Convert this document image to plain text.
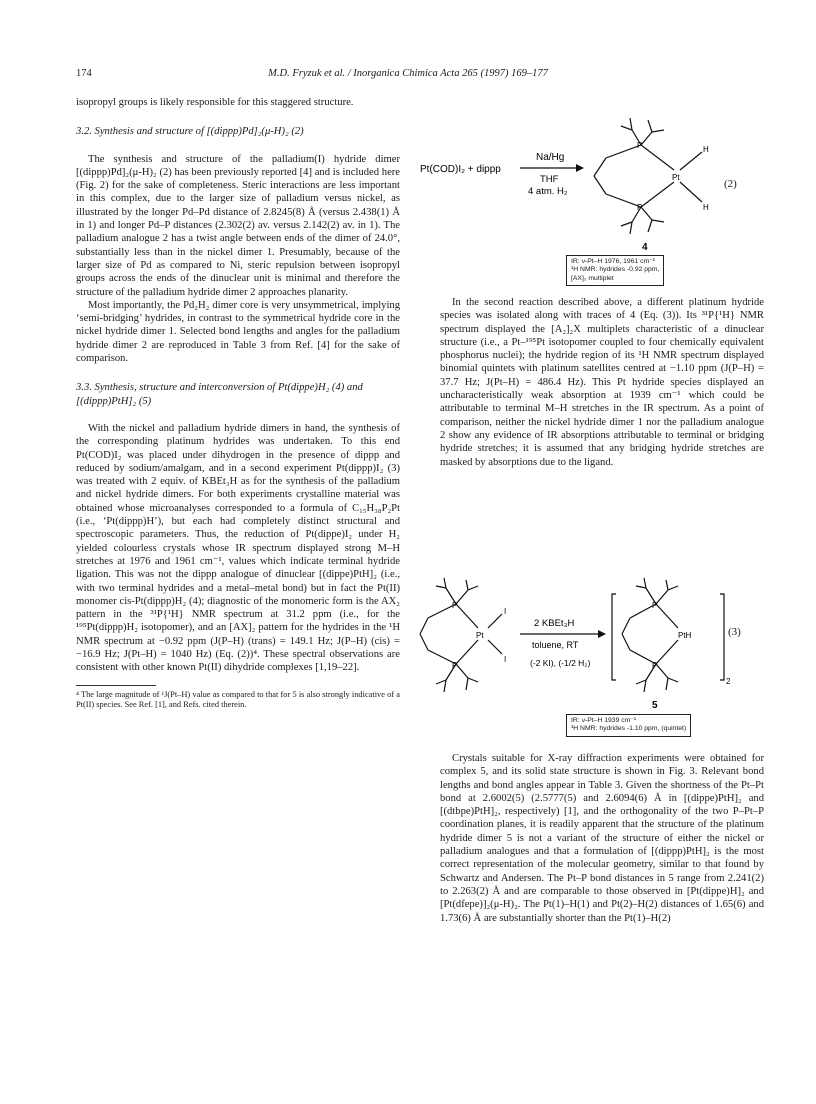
174	M.D. Fryzuk et al. / Inorganica Chimica Acta 265 (1997) 169–177

isopropyl groups is likely responsible for this staggered structure.

3.2. Synthesis and structure of [(dippp)Pd]₂(μ-H)₂ (2)

The synthesis and structure of the palladium(I) hydride dimer [(dippp)Pd]₂(μ-H)₂ (2) has been previously reported [4] and is included here (Fig. 2) for the sake of completeness. Steric interactions are less important in this complex, due to the larger size of palladium versus nickel, as illustrated by the longer Pd–Pd distance of 2.8245(8) Å (versus 2.438(1) Å in 1) and longer Pd–P distances (2.302(2) av. versus 2.142(2) av. in 1). The palladium analogue 2 has a twist angle between ends of the dimer of 24.0°, substantially less than in the nickel dimer 1. Presumably, because of the larger size of Pd as compared to Ni, steric repulsion between isopropyl groups across the ends of the dinuclear unit is minimal and therefore the structure of the palladium hydride dimer 2 approaches planarity.

Most importantly, the Pd₂H₂ dimer core is very unsymmetrical, implying ‘semi-bridging’ hydrides, in contrast to the symmetrical hydride core in the nickel hydride dimer 1. Selected bond lengths and angles for the palladium hydride dimer 2 are reproduced in Table 3 from Ref. [4] for the sake of comparison.

3.3. Synthesis, structure and interconversion of Pt(dippe)H₂ (4) and [(dippp)PtH]₂ (5)

With the nickel and palladium hydride dimers in hand, the synthesis of the corresponding platinum hydrides was undertaken. To this end Pt(COD)I₂ was placed under dihydrogen in the presence of dippp and reduced by sodium/amalgam, and in a second experiment Pt(dippp)I₂ (3) was treated with 2 equiv. of KBEt₃H as for the synthesis of the palladium and nickel hydride dimers. For both experiments crystalline material was obtained whose microanalyses corresponded to a formula of C₁₅H₃₈P₂Pt (i.e., ‘Pt(dippp)H’), but each had completely distinct structural and spectroscopic parameters. Thus, the reduction of Pt(dippe)I₂ under H₂ yielded colourless crystals whose IR spectrum displayed strong M–H stretches at 1976 and 1961 cm⁻¹, values which indicate terminal hydride ligation. This was not the dippp analogue of dinuclear [(dippe)PtH]₂ (i.e., with two terminal hydrides and a metal–metal bond) but in fact the Pt(II) monomer cis-Pt(dippp)H₂ (4); diagnostic of the monomeric form is the AX₂ pattern in the ³¹P{¹H} NMR spectrum at 31.2 ppm (i.e., for the ¹⁹⁵Pt(dippp)H₂ isotopomer), and an [AX]₂ pattern for the hydrides in the ¹H NMR spectrum at −0.92 ppm (J(P–H) (trans) = 149.1 Hz; J(P–H) (cis) = −16.9 Hz; J(Pt–H) = 1040 Hz) (Eq. (2))⁴. These spectral observations are consistent with other known Pt(II) dihydride complexes [1,19–22].

⁴ The large magnitude of ¹J(Pt–H) value as compared to that for 5 is also strongly indicative of a Pt(II) species. See Ref. [1], and Refs. cited therein.

Pt(COD)I₂ + dippp
Na/Hg
THF
4 atm. H₂
P
P
Pt
H
H
4
(2)
IR: ν-Pt–H 1976, 1961 cm⁻¹
¹H NMR: hydrides -0.92 ppm,
[AX]₂ multiplet

In the second reaction described above, a different platinum hydride species was isolated along with traces of 4 (Eq. (3)). Its ³¹P{¹H} NMR spectrum displayed the [A₂]₂X multiplets characteristic of a dinuclear structure (i.e., a Pt–¹⁹⁵Pt isotopomer coupled to four chemically equivalent phosphorus nuclei); the hydride region of its ¹H NMR spectrum displayed binomial quintets with platinum satellites centred at −1.10 ppm (J(P–H) = 37.7 Hz; J(Pt–H) = 486.4 Hz). This Pt hydride species displayed an uncharacteristically weak absorption at 1939 cm⁻¹ which could be attributable to terminal M–H stretches in the IR spectrum. As a point of comparison, neither the nickel hydride dimer 1 nor the palladium analogue 2 show any evidence of IR absorptions attributable to terminal or bridging hydride stretches; it is assumed that any bridging hydride stretches are masked by absorptions due to the ligand.

P
P
Pt
I
I
2 KBEt₃H
toluene, RT
(-2 KI), (-1/2 H₂)
P
P
PtH
2
5
(3)
IR: ν-Pt–H 1939 cm⁻¹
¹H NMR: hydrides -1.10 ppm, (quintet)

Crystals suitable for X-ray diffraction experiments were obtained for complex 5, and its solid state structure is shown in Fig. 3. Relevant bond lengths and bond angles appear in Table 3. Given the shortness of the Pt–Pt bond at 2.6002(5) (2.5777(5) and 2.6094(6) Å in [(dippe)PtH]₂ and [(dtbpe)PtH]₂, respectively) [1], and the orthogonality of the two P–Pt–P coordination planes, it is readily apparent that the structure of the platinum hydride dimer 5 is not a variant of the structure of either the nickel or palladium analogues and that a formulation of [(dippp)PtH]₂ is the most correct representation of the molecular geometry, similar to that found by Schwartz and Andersen. The Pt–P bond distances in 5 range from 2.241(2) to 2.263(2) Å and are comparable to those observed in [Pt(dippe)H]₂ and [Pt(dfepe)]₂(μ-H)₂. The Pt(1)–H(1) and Pt(2)–H(2) distances of 1.65(6) and 1.73(6) Å are substantially shorter than the Pt(1)–H(2)
